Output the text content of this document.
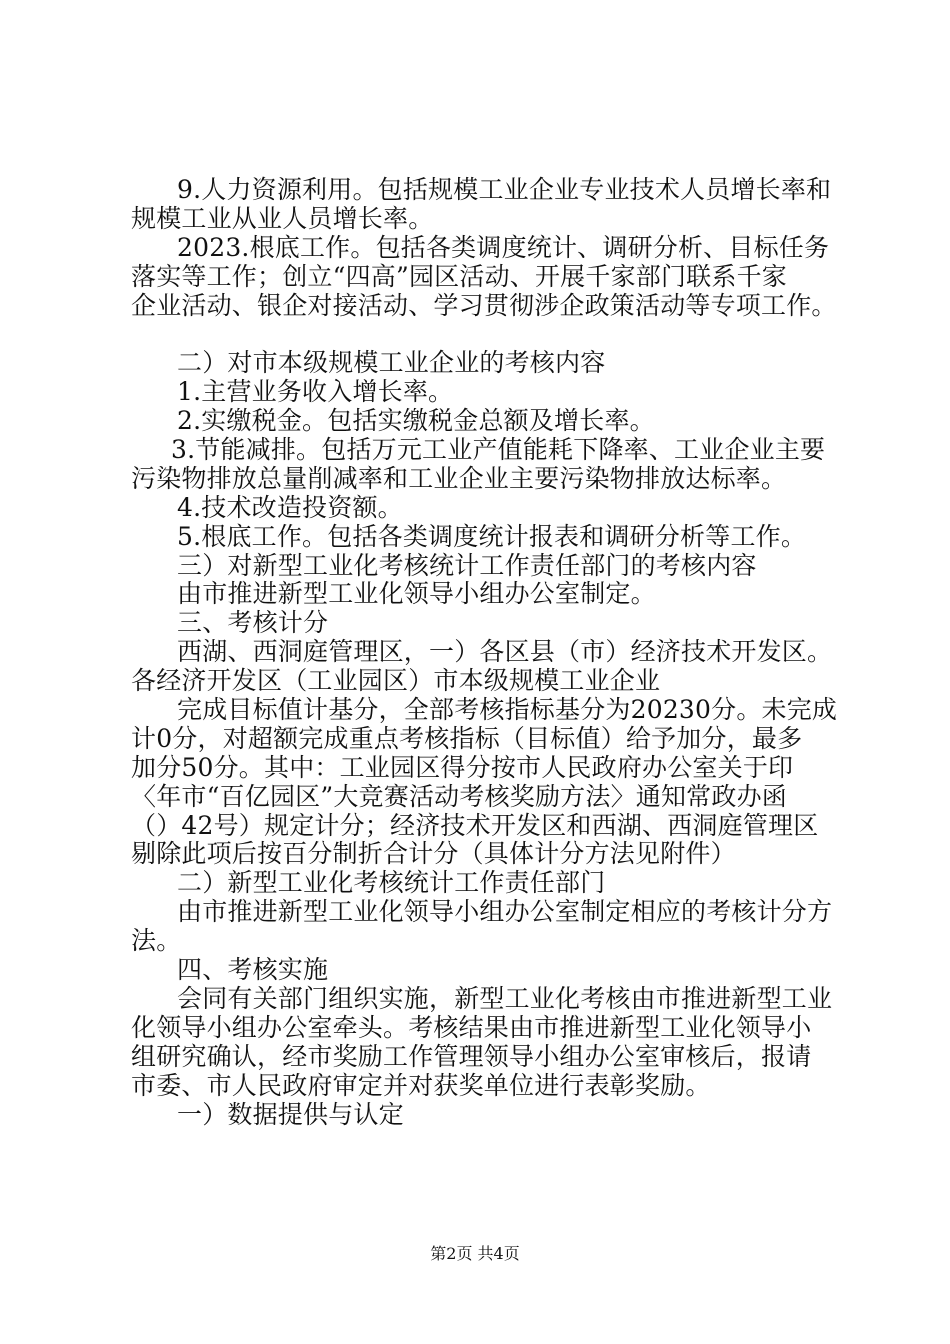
9.人力资源利用。包括规模工业企业专业技术人员增长率和
规模工业从业人员增长率。
2023.根底工作。包括各类调度统计、调研分析、目标任务
落实等工作；创立“四高”园区活动、开展千家部门联系千家
企业活动、银企对接活动、学习贯彻涉企政策活动等专项工作。
二）对市本级规模工业企业的考核内容
1.主营业务收入增长率。
2.实缴税金。包括实缴税金总额及增长率。
3.节能减排。包括万元工业产值能耗下降率、工业企业主要
污染物排放总量削减率和工业企业主要污染物排放达标率。
4.技术改造投资额。
5.根底工作。包括各类调度统计报表和调研分析等工作。
三）对新型工业化考核统计工作责任部门的考核内容
由市推进新型工业化领导小组办公室制定。
三、考核计分
西湖、西洞庭管理区，一）各区县（市）经济技术开发区。
各经济开发区（工业园区）市本级规模工业企业
完成目标值计基分，全部考核指标基分为20230分。未完成
计0分，对超额完成重点考核指标（目标值）给予加分，最多
加分50分。其中：工业园区得分按市人民政府办公室关于印
〈年市“百亿园区”大竞赛活动考核奖励方法〉通知常政办函
（）42号）规定计分；经济技术开发区和西湖、西洞庭管理区
剔除此项后按百分制折合计分（具体计分方法见附件）
二）新型工业化考核统计工作责任部门
由市推进新型工业化领导小组办公室制定相应的考核计分方
法。
四、考核实施
会同有关部门组织实施，新型工业化考核由市推进新型工业
化领导小组办公室牵头。考核结果由市推进新型工业化领导小
组研究确认，经市奖励工作管理领导小组办公室审核后，报请
市委、市人民政府审定并对获奖单位进行表彰奖励。
一）数据提供与认定
第2页 共4页
